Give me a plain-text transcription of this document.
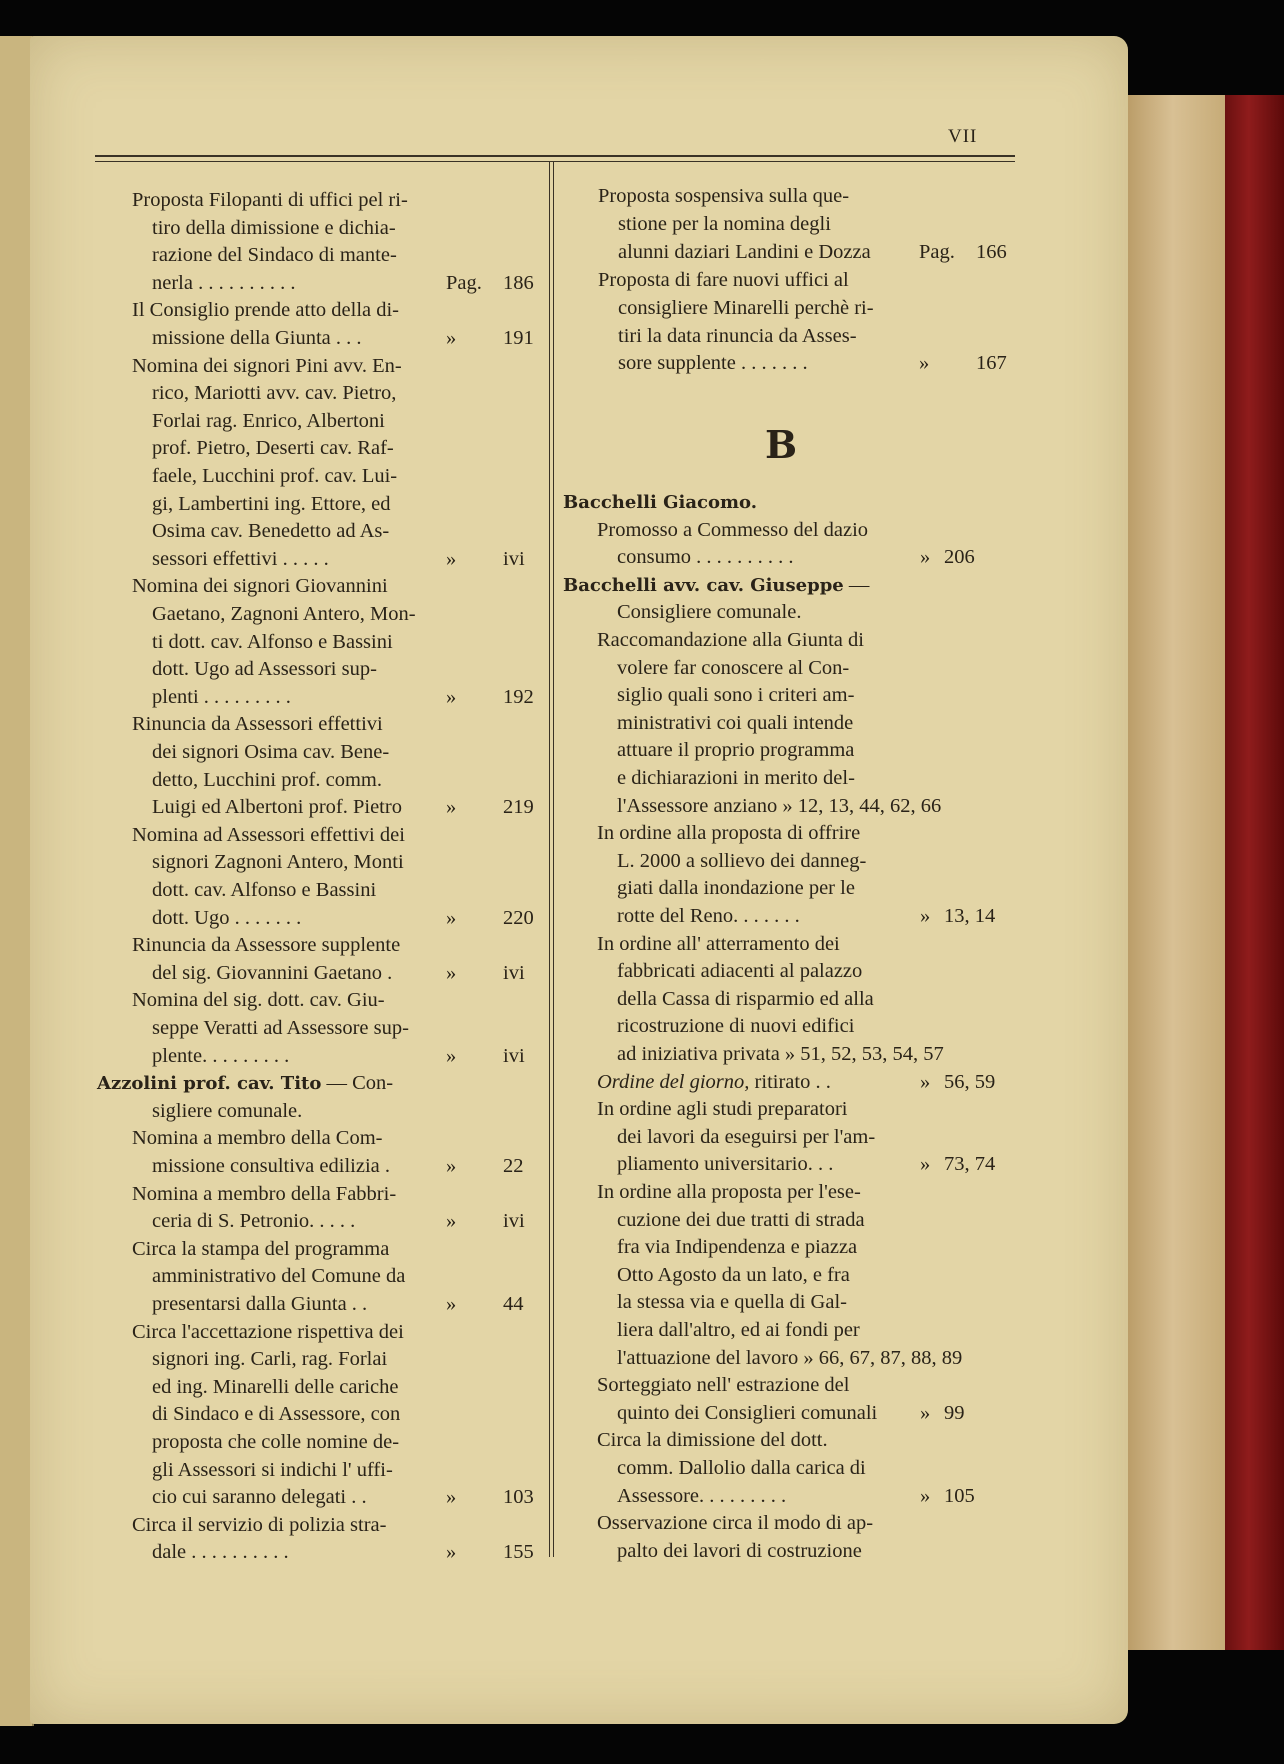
VII
Proposta Filopanti di uffici pel ri-
tiro della dimissione e dichia-
razione del Sindaco di mante-
nerla . . . . . . . . . .	Pag. 186
Il Consiglio prende atto della di-
missione della Giunta . . .	» 191
Nomina dei signori Pini avv. En-
rico, Mariotti avv. cav. Pietro,
Forlai rag. Enrico, Albertoni
prof. Pietro, Deserti cav. Raf-
faele, Lucchini prof. cav. Lui-
gi, Lambertini ing. Ettore, ed
Osima cav. Benedetto ad As-
sessori effettivi . . . . .	» ivi
Nomina dei signori Giovannini
Gaetano, Zagnoni Antero, Mon-
ti dott. cav. Alfonso e Bassini
dott. Ugo ad Assessori sup-
plenti . . . . . . . . .	» 192
Rinuncia da Assessori effettivi
dei signori Osima cav. Bene-
detto, Lucchini prof. comm.
Luigi ed Albertoni prof. Pietro » 219
Nomina ad Assessori effettivi dei
signori Zagnoni Antero, Monti
dott. cav. Alfonso e Bassini
dott. Ugo . . . . . . .	» 220
Rinuncia da Assessore supplente
del sig. Giovannini Gaetano .	» ivi
Nomina del sig. dott. cav. Giu-
seppe Veratti ad Assessore sup-
plente. . . . . . . . .	» ivi
Azzolini prof. cav. Tito — Con-
sigliere comunale.
Nomina a membro della Com-
missione consultiva edilizia .	» 22
Nomina a membro della Fabbri-
ceria di S. Petronio. . . . .	» ivi
Circa la stampa del programma
amministrativo del Comune da
presentarsi dalla Giunta . .	» 44
Circa l'accettazione rispettiva dei
signori ing. Carli, rag. Forlai
ed ing. Minarelli delle cariche
di Sindaco e di Assessore, con
proposta che colle nomine de-
gli Assessori si indichi l' uffi-
cio cui saranno delegati . .	» 103
Circa il servizio di polizia stra-
dale . . . . . . . . . .	» 155
Proposta sospensiva sulla que-
stione per la nomina degli
alunni daziari Landini e Dozza Pag. 166
Proposta di fare nuovi uffici al
consigliere Minarelli perchè ri-
tiri la data rinuncia da Asses-
sore supplente . . . . . . .	» 167
B
Bacchelli Giacomo.
Promosso a Commesso del dazio
consumo . . . . . . . . . .	» 206
Bacchelli avv. cav. Giuseppe —
Consigliere comunale.
Raccomandazione alla Giunta di
volere far conoscere al Con-
siglio quali sono i criteri am-
ministrativi coi quali intende
attuare il proprio programma
e dichiarazioni in merito del-
l'Assessore anziano » 12, 13, 44, 62, 66
In ordine alla proposta di offrire
L. 2000 a sollievo dei danneg-
giati dalla inondazione per le
rotte del Reno. . . . . . .	» 13, 14
In ordine all' atterramento dei
fabbricati adiacenti al palazzo
della Cassa di risparmio ed alla
ricostruzione di nuovi edifici
ad iniziativa privata » 51, 52, 53, 54, 57
Ordine del giorno, ritirato . .	» 56, 59
In ordine agli studi preparatori
dei lavori da eseguirsi per l'am-
pliamento universitario. . .	» 73, 74
In ordine alla proposta per l'ese-
cuzione dei due tratti di strada
fra via Indipendenza e piazza
Otto Agosto da un lato, e fra
la stessa via e quella di Gal-
liera dall'altro, ed ai fondi per
l'attuazione del lavoro » 66, 67, 87, 88, 89
Sorteggiato nell' estrazione del
quinto dei Consiglieri comunali » 99
Circa la dimissione del dott.
comm. Dallolio dalla carica di
Assessore. . . . . . . . .	» 105
Osservazione circa il modo di ap-
palto dei lavori di costruzione
